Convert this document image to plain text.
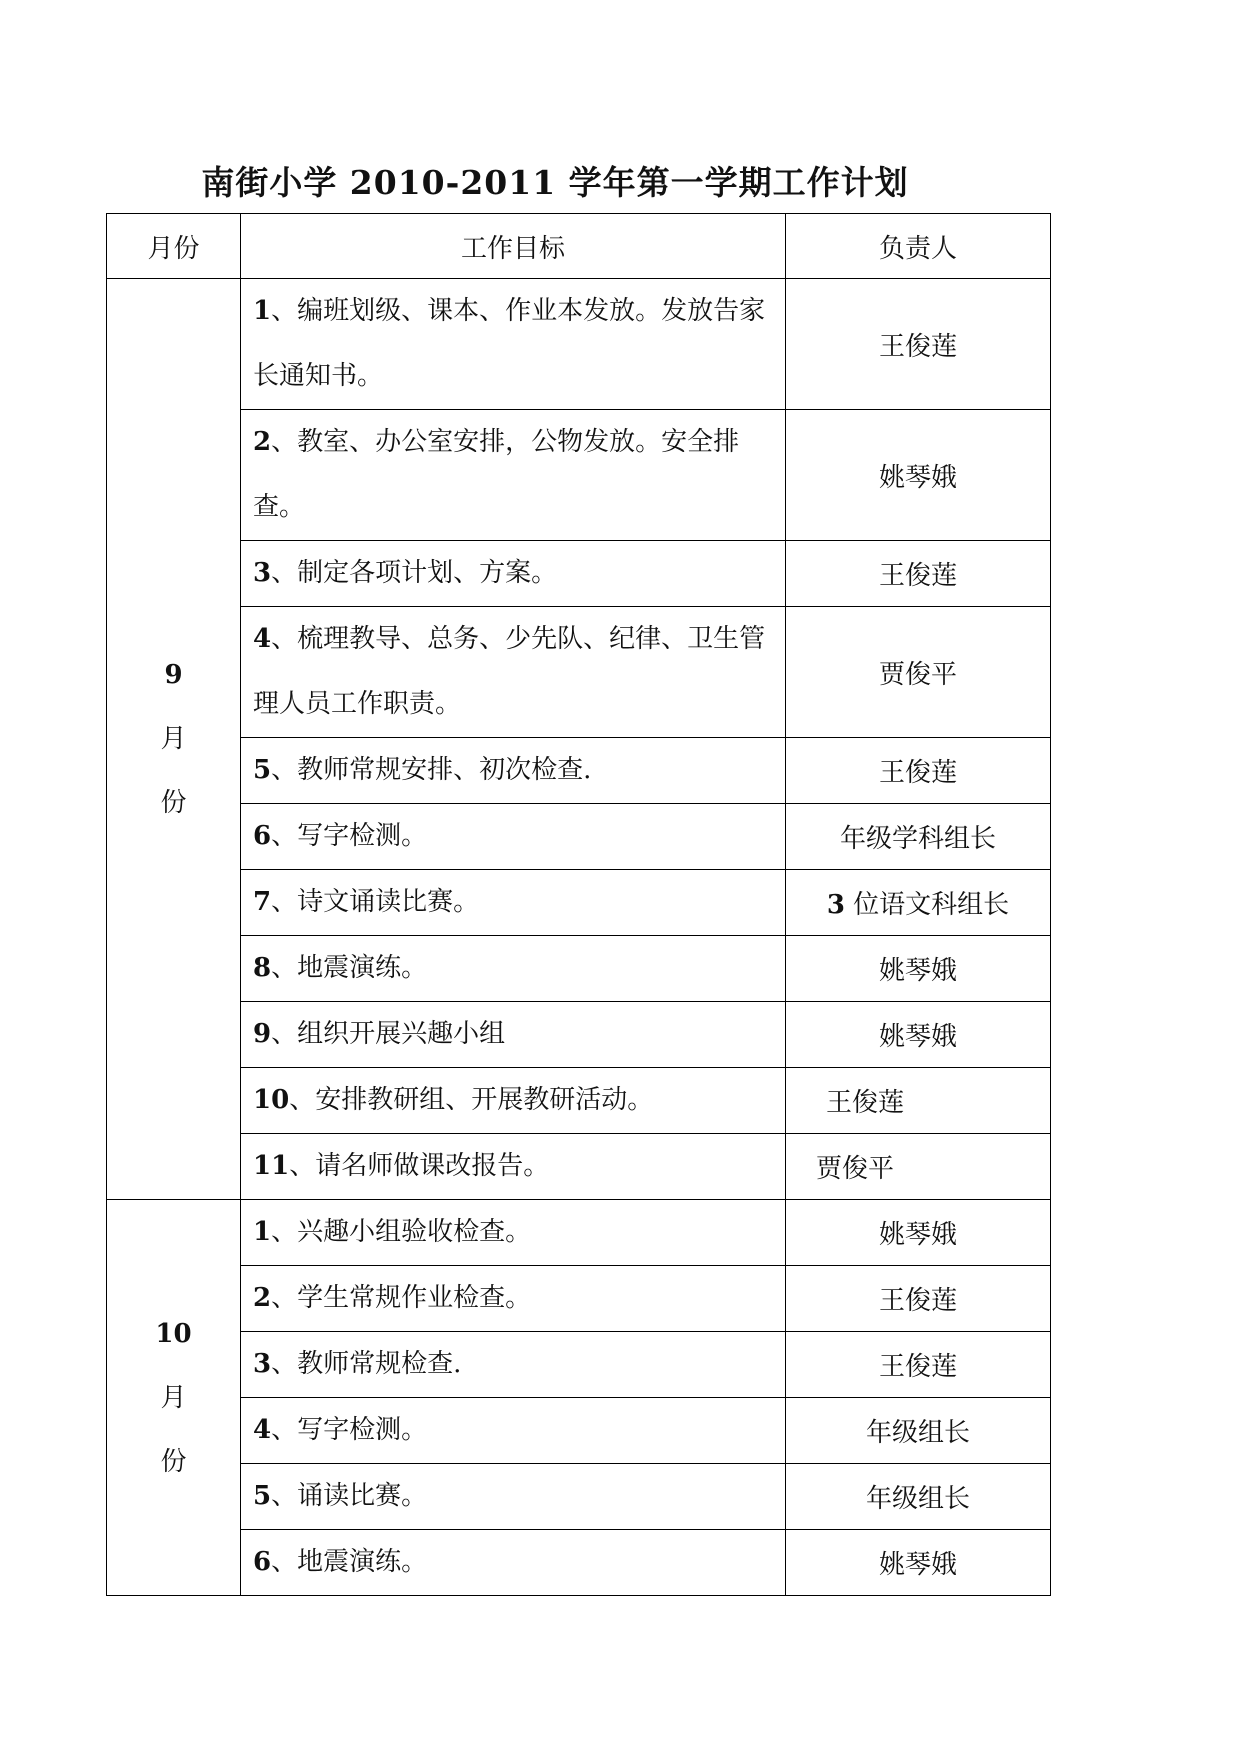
南街小学 2010-2011 学年第一学期工作计划
月份	工作目标	负责人

9
月
份	1、编班划级、课本、作业本发放。发放告家长通知书。	王俊莲
	2、教室、办公室安排，公物发放。安全排查。	姚琴娥
	3、制定各项计划、方案。	王俊莲
	4、梳理教导、总务、少先队、纪律、卫生管理人员工作职责。	贾俊平
	5、教师常规安排、初次检查.	王俊莲
	6、写字检测。	年级学科组长
	7、诗文诵读比赛。	3 位语文科组长
	8、地震演练。	姚琴娥
	9、组织开展兴趣小组	姚琴娥
	10、安排教研组、开展教研活动。	王俊莲
	11、请名师做课改报告。	贾俊平

10
月
份	1、兴趣小组验收检查。	姚琴娥
	2、学生常规作业检查。	王俊莲
	3、教师常规检查.	王俊莲
	4、写字检测。	年级组长
	5、诵读比赛。	年级组长
	6、地震演练。	姚琴娥
